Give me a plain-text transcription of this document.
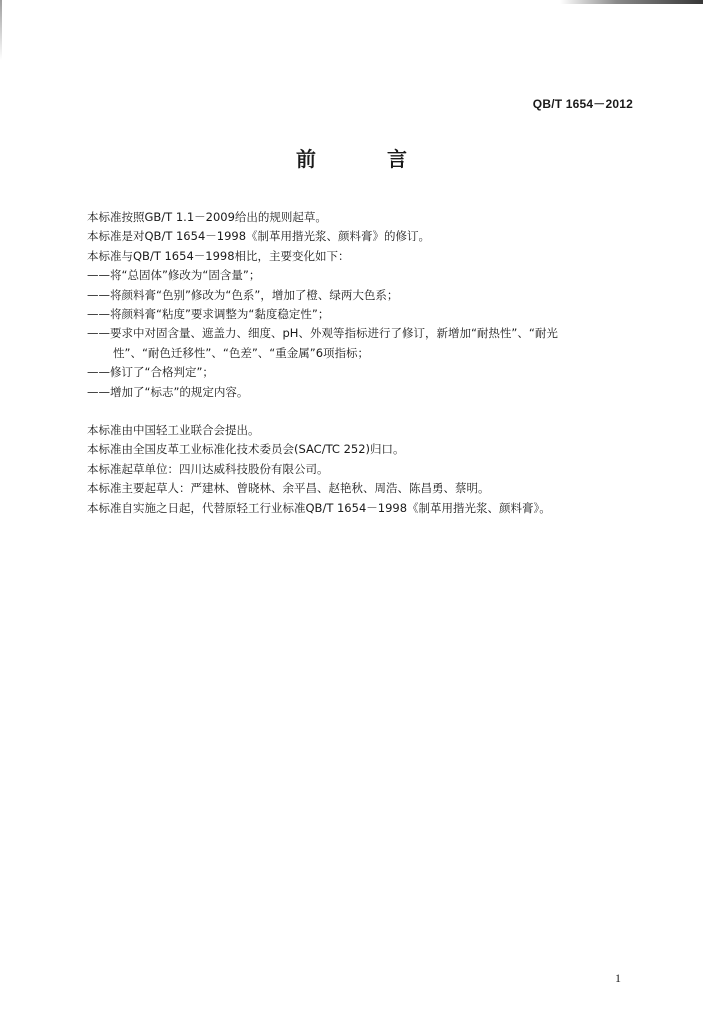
QB/T 1654－2012
前 言
本标准按照GB/T 1.1－2009给出的规则起草。
本标准是对QB/T 1654－1998《制革用揩光浆、颜料膏》的修订。
本标准与QB/T 1654－1998相比，主要变化如下：
——将“总固体”修改为“固含量”；
——将颜料膏“色别”修改为“色系”，增加了橙、绿两大色系；
——将颜料膏“粘度”要求调整为“黏度稳定性”；
——要求中对固含量、遮盖力、细度、pH、外观等指标进行了修订，新增加“耐热性”、“耐光
性”、“耐色迁移性”、“色差”、“重金属”6项指标；
——修订了“合格判定”；
——增加了“标志”的规定内容。
本标准由中国轻工业联合会提出。
本标准由全国皮革工业标准化技术委员会(SAC/TC 252)归口。
本标准起草单位：四川达威科技股份有限公司。
本标准主要起草人：严建林、曾晓林、余平昌、赵艳秋、周浩、陈昌勇、蔡明。
本标准自实施之日起，代替原轻工行业标准QB/T 1654－1998《制革用揩光浆、颜料膏》。
1
